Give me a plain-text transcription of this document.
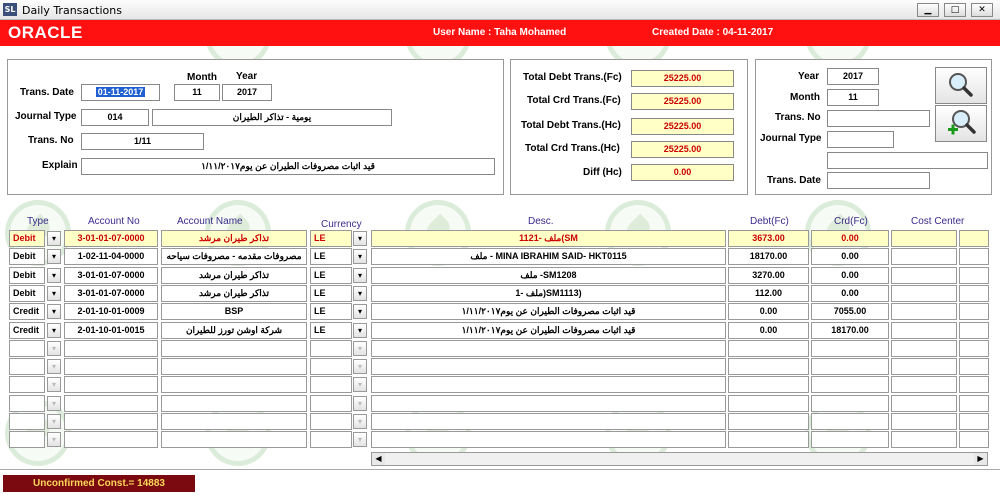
SL Daily Transactions	▁	□	✕
ORACLE	User Name : Taha Mohamed	Created Date : 04-11-2017
Month Year
Trans. Date	01-11-2017	11	2017
Journal Type	014	يومية - تذاكر الطيران
Trans. No	1/11
Explain	قيد اثبات مصروفات الطيران عن يوم١/١١/٢٠١٧
Total Debt Trans.(Fc)	25225.00
Total Crd Trans.(Fc)	25225.00
Total Debt Trans.(Hc)	25225.00
Total Crd Trans.(Hc)	25225.00
Diff (Hc)	0.00
Year	2017
Month	11
Trans. No
Journal Type
Trans. Date
Type	Account No	Account Name	Currency	Desc.	Debt(Fc)	Crd(Fc)	Cost Center
Debit	▾	3-01-01-07-0000	تذاكر طيران مرشد	LE	▾	ملف -1121(SM	3673.00	0.00
Debit	▾	1-02-11-04-0000	مصروفات مقدمه - مصروفات سياحه	LE	▾	ملف - MINA IBRAHIM SAID- HKT0115	18170.00	0.00
Debit	▾	3-01-01-07-0000	تذاكر طيران مرشد	LE	▾	ملف -SM1208	3270.00	0.00
Debit	▾	3-01-01-07-0000	تذاكر طيران مرشد	LE	▾	ملف -1)SM1113)	112.00	0.00
Credit	▾	2-01-10-01-0009	BSP	LE	▾	قيد اثبات مصروفات الطيران عن يوم١/١١/٢٠١٧	0.00	7055.00
Credit	▾	2-01-10-01-0015	شركة اوشن تورز للطيران	LE	▾	قيد اثبات مصروفات الطيران عن يوم١/١١/٢٠١٧	0.00	18170.00
▾	▾
▾	▾
▾	▾
▾	▾
▾	▾
▾	▾
◀	▶
Unconfirmed Const.= 14883
